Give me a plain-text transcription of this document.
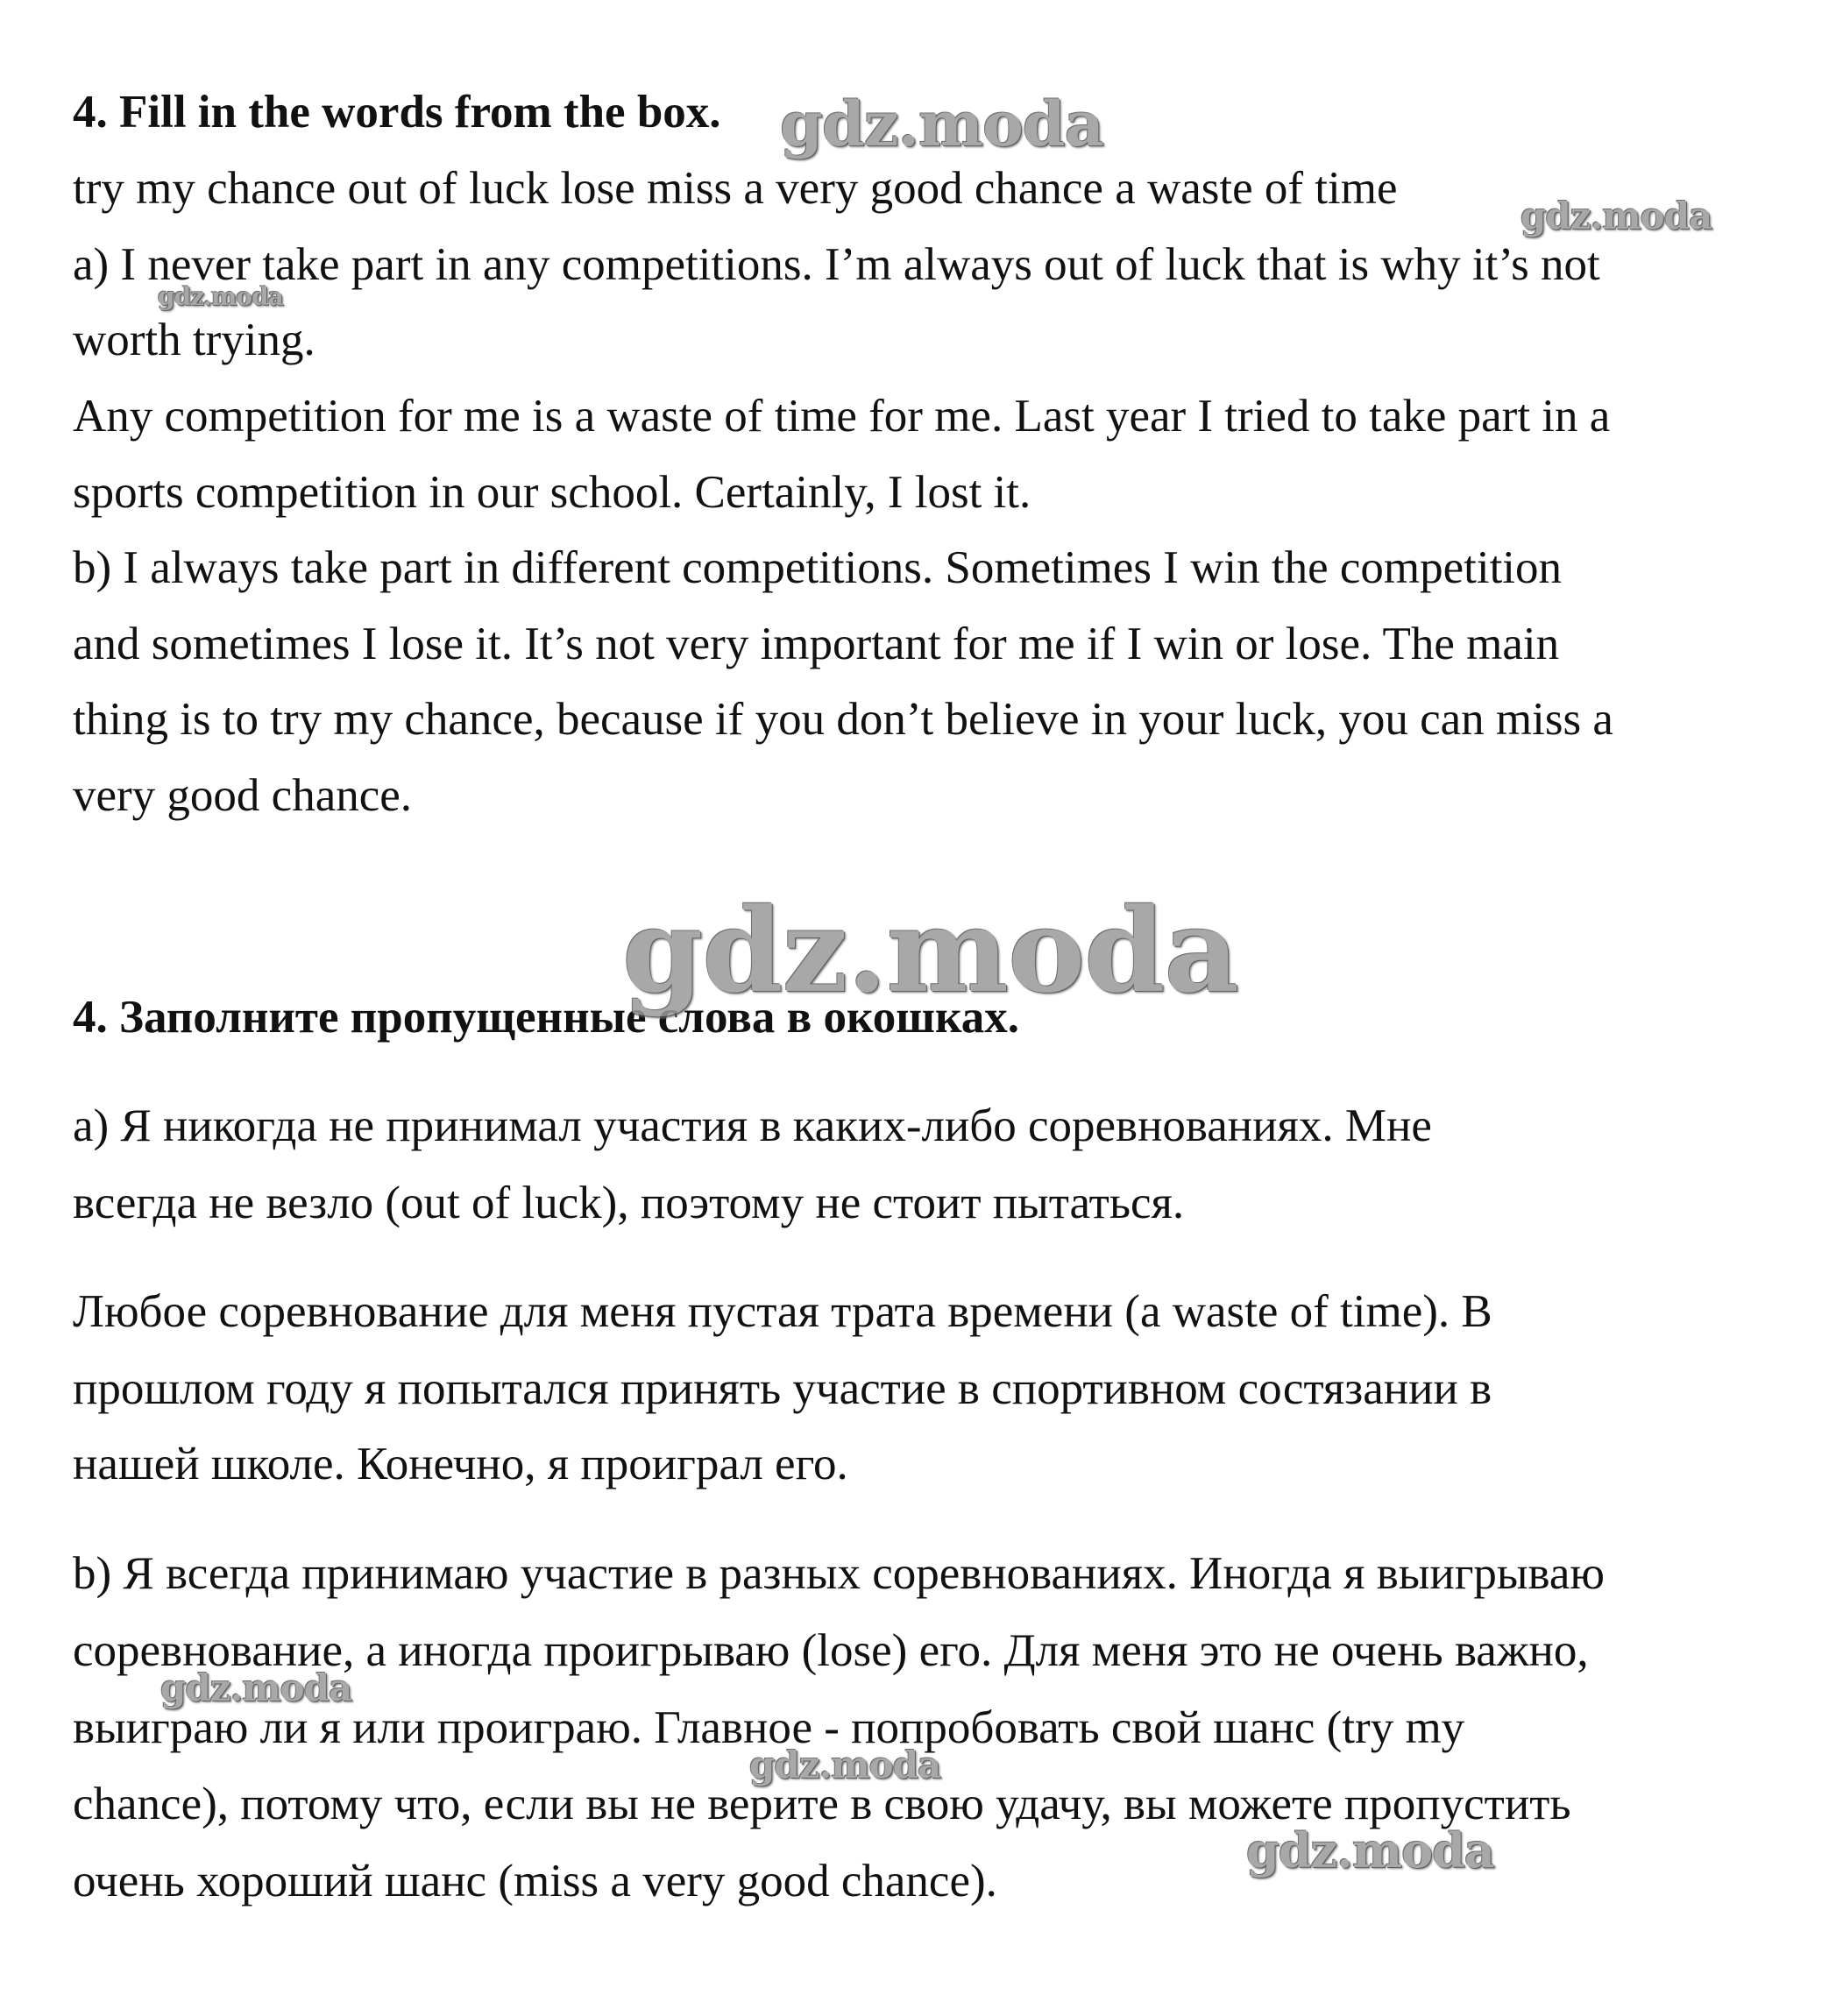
4. Fill in the words from the box.
try my chance out of luck lose miss a very good chance a waste of time
a) I never take part in any competitions. I’m always out of luck that is why it’s not
worth trying.
Any competition for me is a waste of time for me. Last year I tried to take part in a
sports competition in our school. Certainly, I lost it.
b) I always take part in different competitions. Sometimes I win the competition
and sometimes I lose it. It’s not very important for me if I win or lose. The main
thing is to try my chance, because if you don’t believe in your luck, you can miss a
very good chance.
4. Заполните пропущенные слова в окошках.
а) Я никогда не принимал участия в каких-либо соревнованиях. Мне
всегда не везло (out of luck), поэтому не стоит пытаться.
Любое соревнование для меня пустая трата времени (a waste of time). В
прошлом году я попытался принять участие в спортивном состязании в
нашей школе. Конечно, я проиграл его.
b) Я всегда принимаю участие в разных соревнованиях. Иногда я выигрываю
соревнование, а иногда проигрываю (lose) его. Для меня это не очень важно,
выиграю ли я или проиграю. Главное - попробовать свой шанс (try my
chance), потому что, если вы не верите в свою удачу, вы можете пропустить
очень хороший шанс (miss a very good chance).
gdz.moda
gdz.moda
gdz.moda
gdz.moda
gdz.moda
gdz.moda
gdz.moda
